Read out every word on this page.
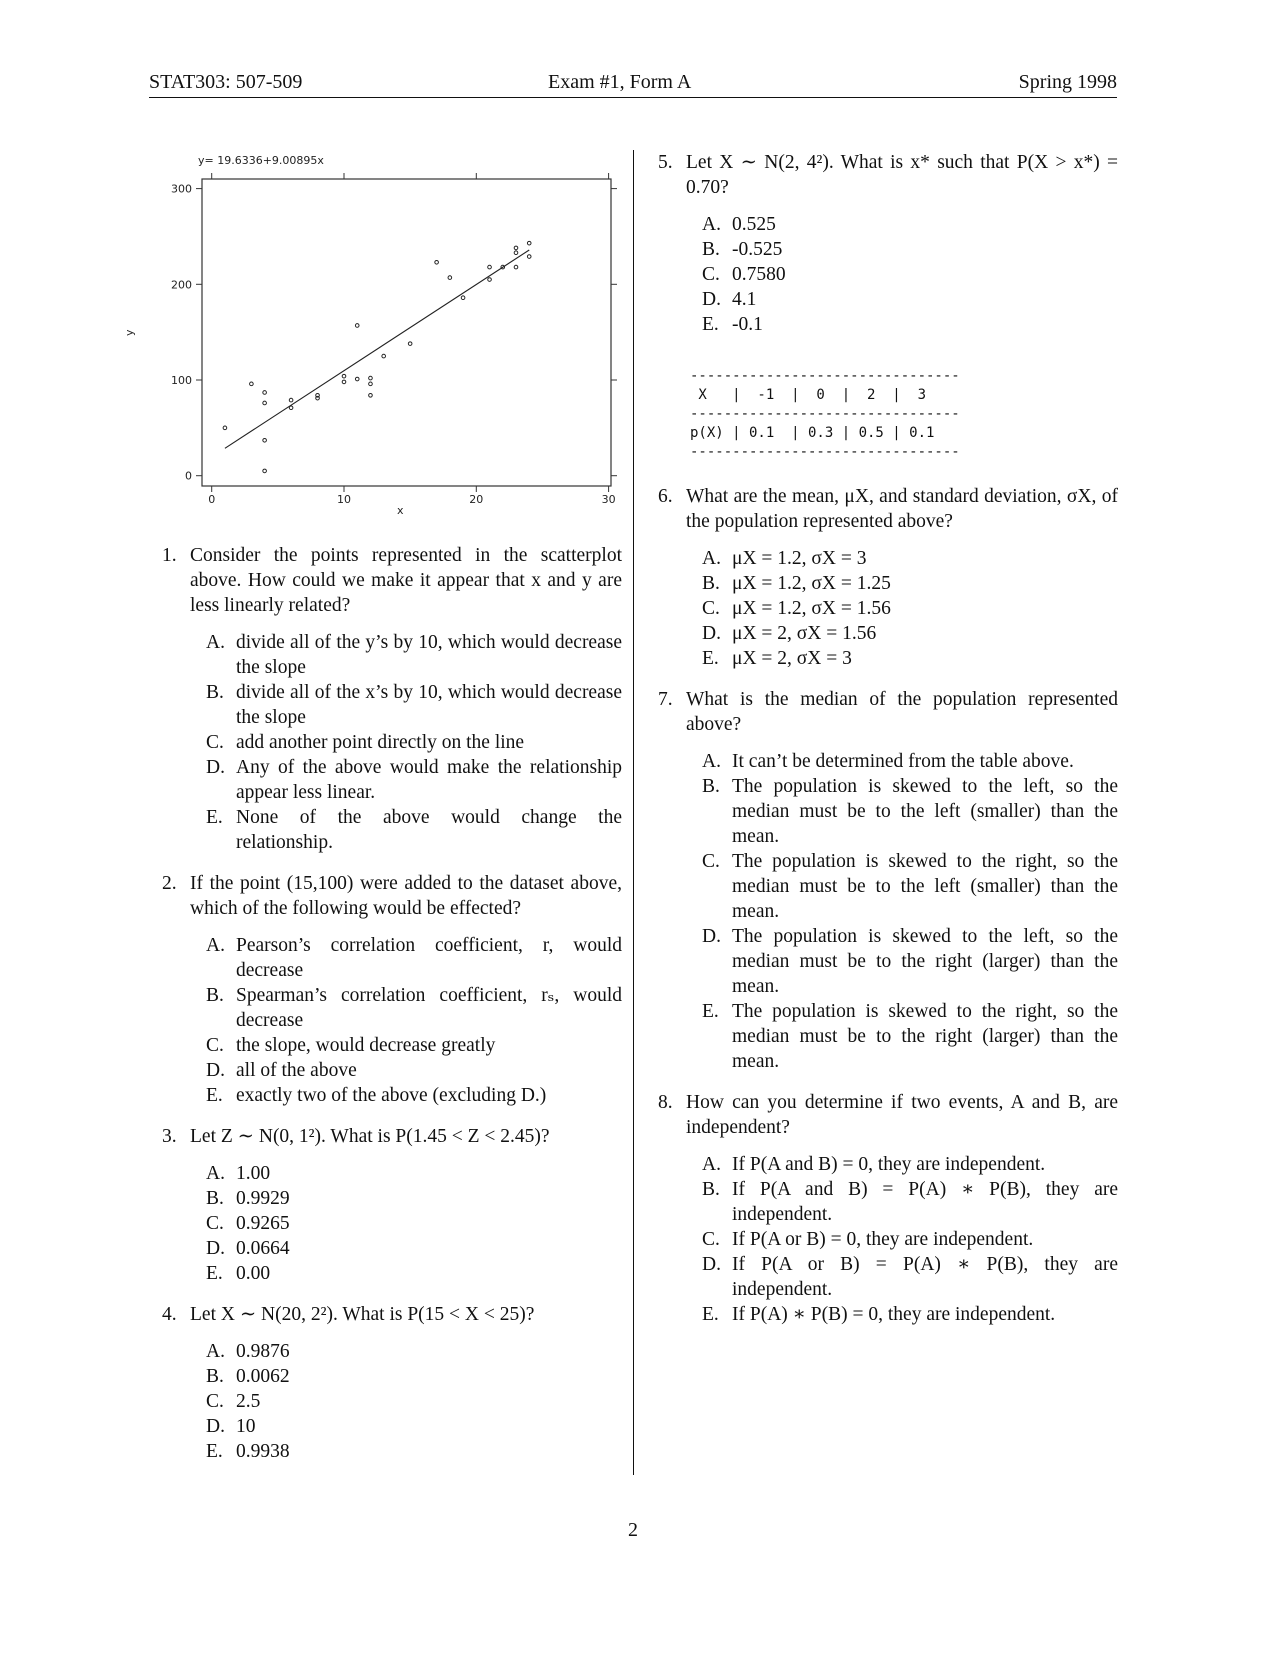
STAT303: 507-509	Exam #1, Form A	Spring 1998
y= 19.6336+9.00895x
x
y
0	10	20	30
0
100
200
300
1. Consider the points represented in the scatterplot above. How could we make it appear that x and y are less linearly related?
A. divide all of the y’s by 10, which would decrease the slope
B. divide all of the x’s by 10, which would decrease the slope
C. add another point directly on the line
D. Any of the above would make the relationship appear less linear.
E. None of the above would change the relationship.
2. If the point (15,100) were added to the dataset above, which of the following would be effected?
A. Pearson’s correlation coefficient, r, would decrease
B. Spearman’s correlation coefficient, rₛ, would decrease
C. the slope, would decrease greatly
D. all of the above
E. exactly two of the above (excluding D.)
3. Let Z ∼ N(0, 1²). What is P(1.45 < Z < 2.45)?
A. 1.00
B. 0.9929
C. 0.9265
D. 0.0664
E. 0.00
4. Let X ∼ N(20, 2²). What is P(15 < X < 25)?
A. 0.9876
B. 0.0062
C. 2.5
D. 10
E. 0.9938
5. Let X ∼ N(2, 4²). What is x* such that P(X > x*) = 0.70?
A. 0.525
B. -0.525
C. 0.7580
D. 4.1
E. -0.1
--------------------------------
X   |  -1  |  0  |  2  |  3
--------------------------------
p(X) | 0.1  | 0.3 | 0.5 | 0.1
--------------------------------
6. What are the mean, μX, and standard deviation, σX, of the population represented above?
A. μX = 1.2, σX = 3
B. μX = 1.2, σX = 1.25
C. μX = 1.2, σX = 1.56
D. μX = 2, σX = 1.56
E. μX = 2, σX = 3
7. What is the median of the population represented above?
A. It can’t be determined from the table above.
B. The population is skewed to the left, so the median must be to the left (smaller) than the mean.
C. The population is skewed to the right, so the median must be to the left (smaller) than the mean.
D. The population is skewed to the left, so the median must be to the right (larger) than the mean.
E. The population is skewed to the right, so the median must be to the right (larger) than the mean.
8. How can you determine if two events, A and B, are independent?
A. If P(A and B) = 0, they are independent.
B. If P(A and B) = P(A) ∗ P(B), they are independent.
C. If P(A or B) = 0, they are independent.
D. If P(A or B) = P(A) ∗ P(B), they are independent.
E. If P(A) ∗ P(B) = 0, they are independent.
2
